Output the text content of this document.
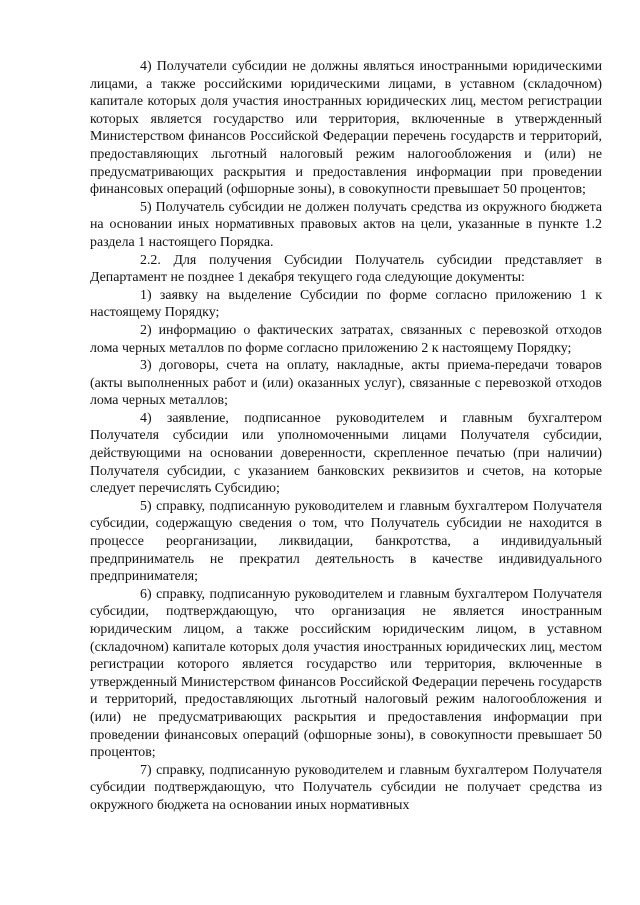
4) Получатели субсидии не должны являться иностранными юридическими лицами, а также российскими юридическими лицами, в уставном (складочном) капитале которых доля участия иностранных юридических лиц, местом регистрации которых является государство или территория, включенные в утвержденный Министерством финансов Российской Федерации перечень государств и территорий, предоставляющих льготный налоговый режим налогообложения и (или) не предусматривающих раскрытия и предоставления информации при проведении финансовых операций (офшорные зоны), в совокупности превышает 50 процентов;

5) Получатель субсидии не должен получать средства из окружного бюджета на основании иных нормативных правовых актов на цели, указанные в пункте 1.2 раздела 1 настоящего Порядка.

2.2. Для получения Субсидии Получатель субсидии представляет в Департамент не позднее 1 декабря текущего года следующие документы:

1) заявку на выделение Субсидии по форме согласно приложению 1 к настоящему Порядку;

2) информацию о фактических затратах, связанных с перевозкой отходов лома черных металлов по форме согласно приложению 2 к настоящему Порядку;

3) договоры, счета на оплату, накладные, акты приема-передачи товаров (акты выполненных работ и (или) оказанных услуг), связанные с перевозкой отходов лома черных металлов;

4) заявление, подписанное руководителем и главным бухгалтером Получателя субсидии или уполномоченными лицами Получателя субсидии, действующими на основании доверенности, скрепленное печатью (при наличии) Получателя субсидии, с указанием банковских реквизитов и счетов, на которые следует перечислять Субсидию;

5) справку, подписанную руководителем и главным бухгалтером Получателя субсидии, содержащую сведения о том, что Получатель субсидии не находится в процессе реорганизации, ликвидации, банкротства, а индивидуальный предприниматель не прекратил деятельность в качестве индивидуального предпринимателя;

6) справку, подписанную руководителем и главным бухгалтером Получателя субсидии, подтверждающую, что организация не является иностранным юридическим лицом, а также российским юридическим лицом, в уставном (складочном) капитале которых доля участия иностранных юридических лиц, местом регистрации которого является государство или территория, включенные в утвержденный Министерством финансов Российской Федерации перечень государств и территорий, предоставляющих льготный налоговый режим налогообложения и (или) не предусматривающих раскрытия и предоставления информации при проведении финансовых операций (офшорные зоны), в совокупности превышает 50 процентов;

7) справку, подписанную руководителем и главным бухгалтером Получателя субсидии подтверждающую, что Получатель субсидии не получает средства из окружного бюджета на основании иных нормативных
